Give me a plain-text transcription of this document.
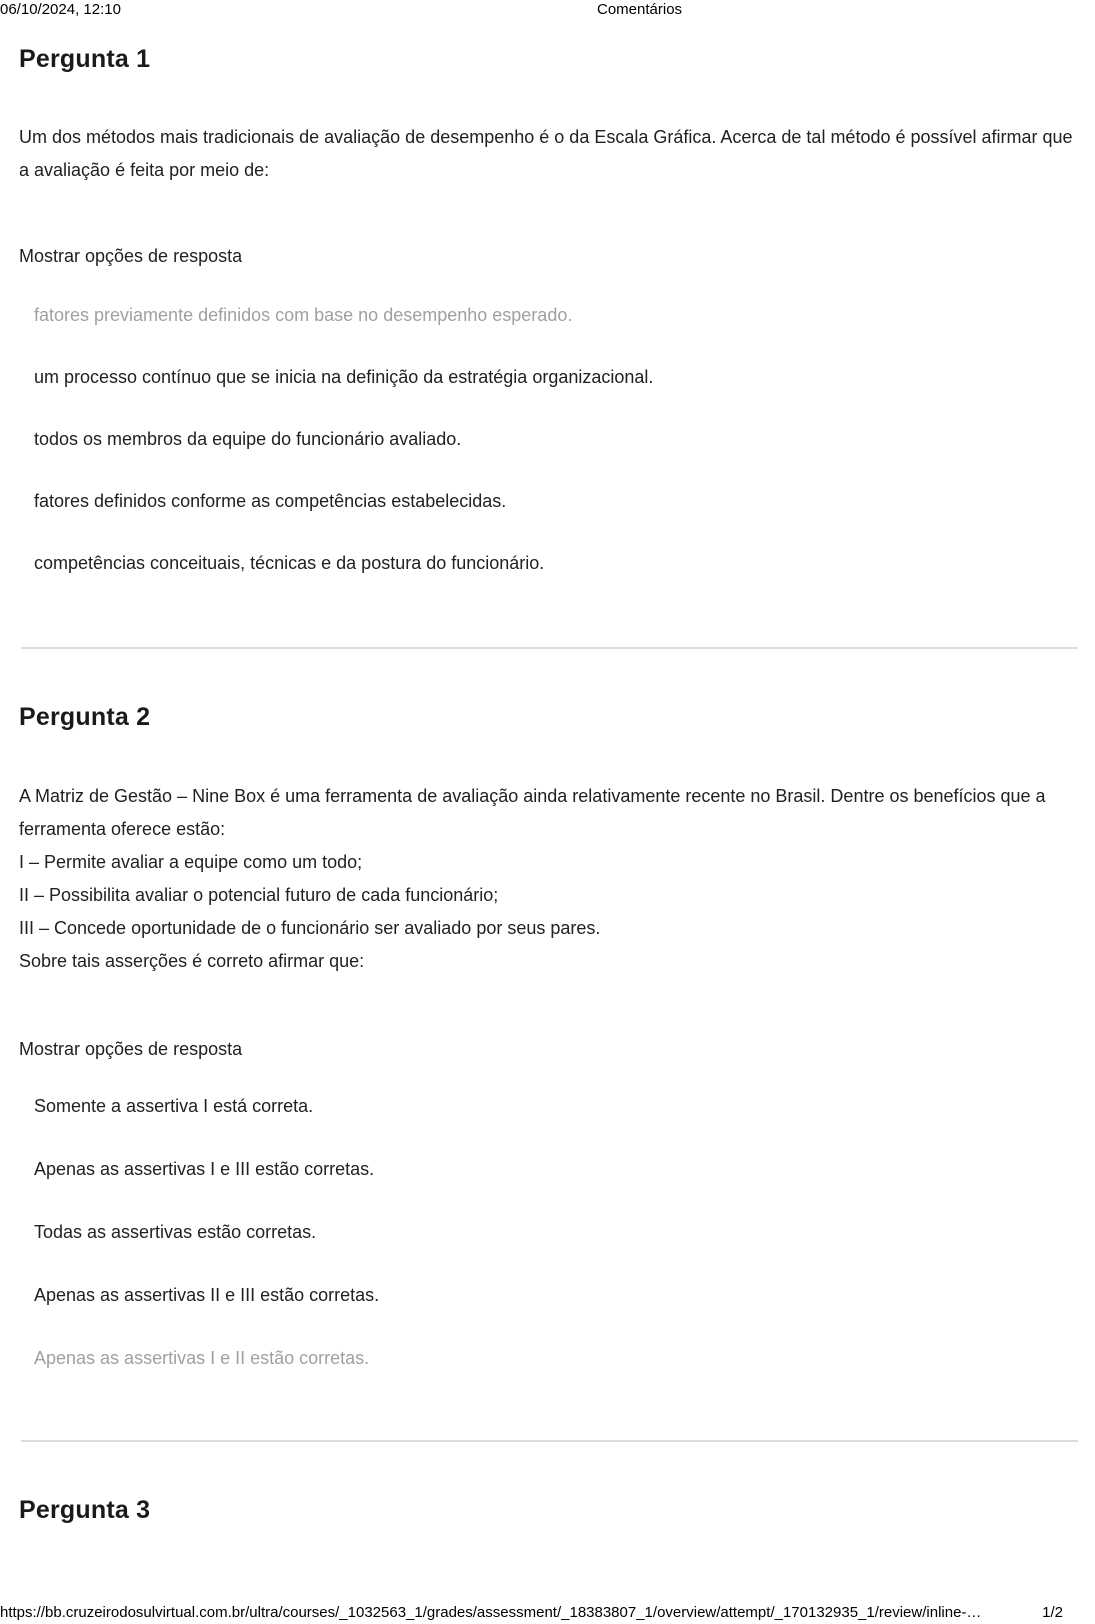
06/10/2024, 12:10	Comentários
Pergunta 1

Um dos métodos mais tradicionais de avaliação de desempenho é o da Escala Gráfica. Acerca de tal método é possível afirmar que a avaliação é feita por meio de:

Mostrar opções de resposta
fatores previamente definidos com base no desempenho esperado.
um processo contínuo que se inicia na definição da estratégia organizacional.
todos os membros da equipe do funcionário avaliado.
fatores definidos conforme as competências estabelecidas.
competências conceituais, técnicas e da postura do funcionário.
Pergunta 2

A Matriz de Gestão – Nine Box é uma ferramenta de avaliação ainda relativamente recente no Brasil. Dentre os benefícios que a ferramenta oferece estão:

I – Permite avaliar a equipe como um todo;

II – Possibilita avaliar o potencial futuro de cada funcionário;

III – Concede oportunidade de o funcionário ser avaliado por seus pares.

Sobre tais asserções é correto afirmar que:

Mostrar opções de resposta
Somente a assertiva I está correta.
Apenas as assertivas I e III estão corretas.
Todas as assertivas estão corretas.
Apenas as assertivas II e III estão corretas.
Apenas as assertivas I e II estão corretas.
Pergunta 3
https://bb.cruzeirodosulvirtual.com.br/ultra/courses/_1032563_1/grades/assessment/_18383807_1/overview/attempt/_170132935_1/review/inline-…	1/2
